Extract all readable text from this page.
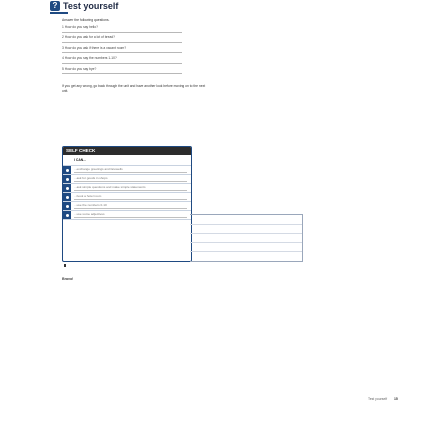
? Test yourself
Answer the following questions.
1 How do you say hello?
2 How do you ask for a lot of bread?
3 How do you ask if there is a vacant room?
4 How do you say the numbers 1-10?
5 How do you say bye?
If you get any wrong, go back through the unit and have another look before moving on to the next unit.
SELF CHECK
I CAN...
...exchange greetings and farewells
...ask for goods in shops
...ask simple questions and make simple statements
...book a hotel room
...use the numbers 0-10
...use some adjectives
Bravo!
Test yourself 15
